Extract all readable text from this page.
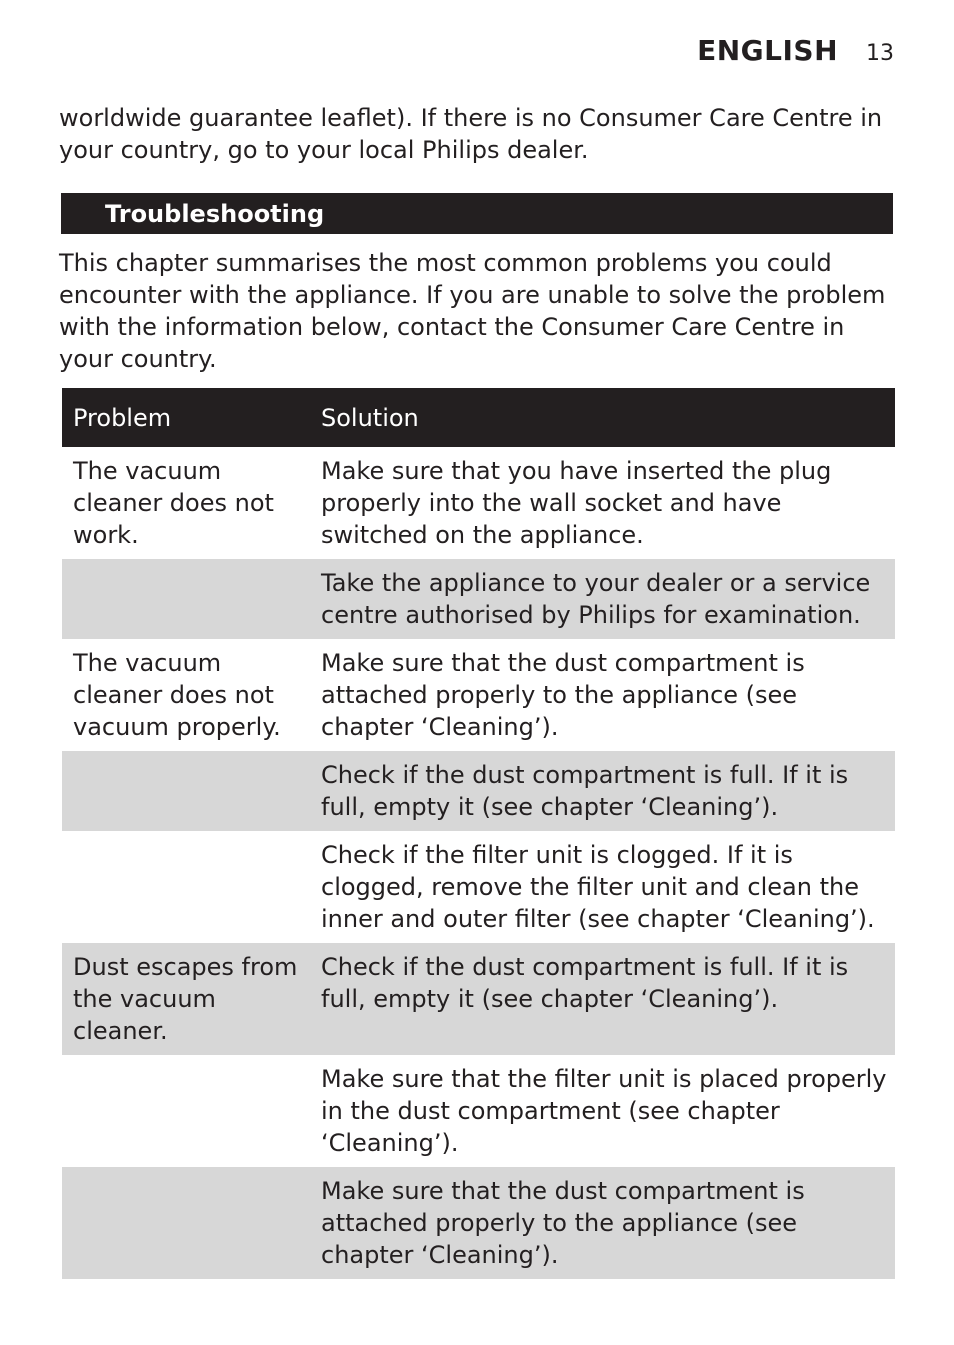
ENGLISH 13

worldwide guarantee leaflet). If there is no Consumer Care Centre in your country, go to your local Philips dealer.

Troubleshooting

This chapter summarises the most common problems you could encounter with the appliance. If you are unable to solve the problem with the information below, contact the Consumer Care Centre in your country.

Problem	Solution
The vacuum cleaner does not work.	Make sure that you have inserted the plug properly into the wall socket and have switched on the appliance.
	Take the appliance to your dealer or a service centre authorised by Philips for examination.
The vacuum cleaner does not vacuum properly.	Make sure that the dust compartment is attached properly to the appliance (see chapter ‘Cleaning’).
	Check if the dust compartment is full. If it is full, empty it (see chapter ‘Cleaning’).
	Check if the filter unit is clogged. If it is clogged, remove the filter unit and clean the inner and outer filter (see chapter ‘Cleaning’).
Dust escapes from the vacuum cleaner.	Check if the dust compartment is full. If it is full, empty it (see chapter ‘Cleaning’).
	Make sure that the filter unit is placed properly in the dust compartment (see chapter ‘Cleaning’).
	Make sure that the dust compartment is attached properly to the appliance (see chapter ‘Cleaning’).
